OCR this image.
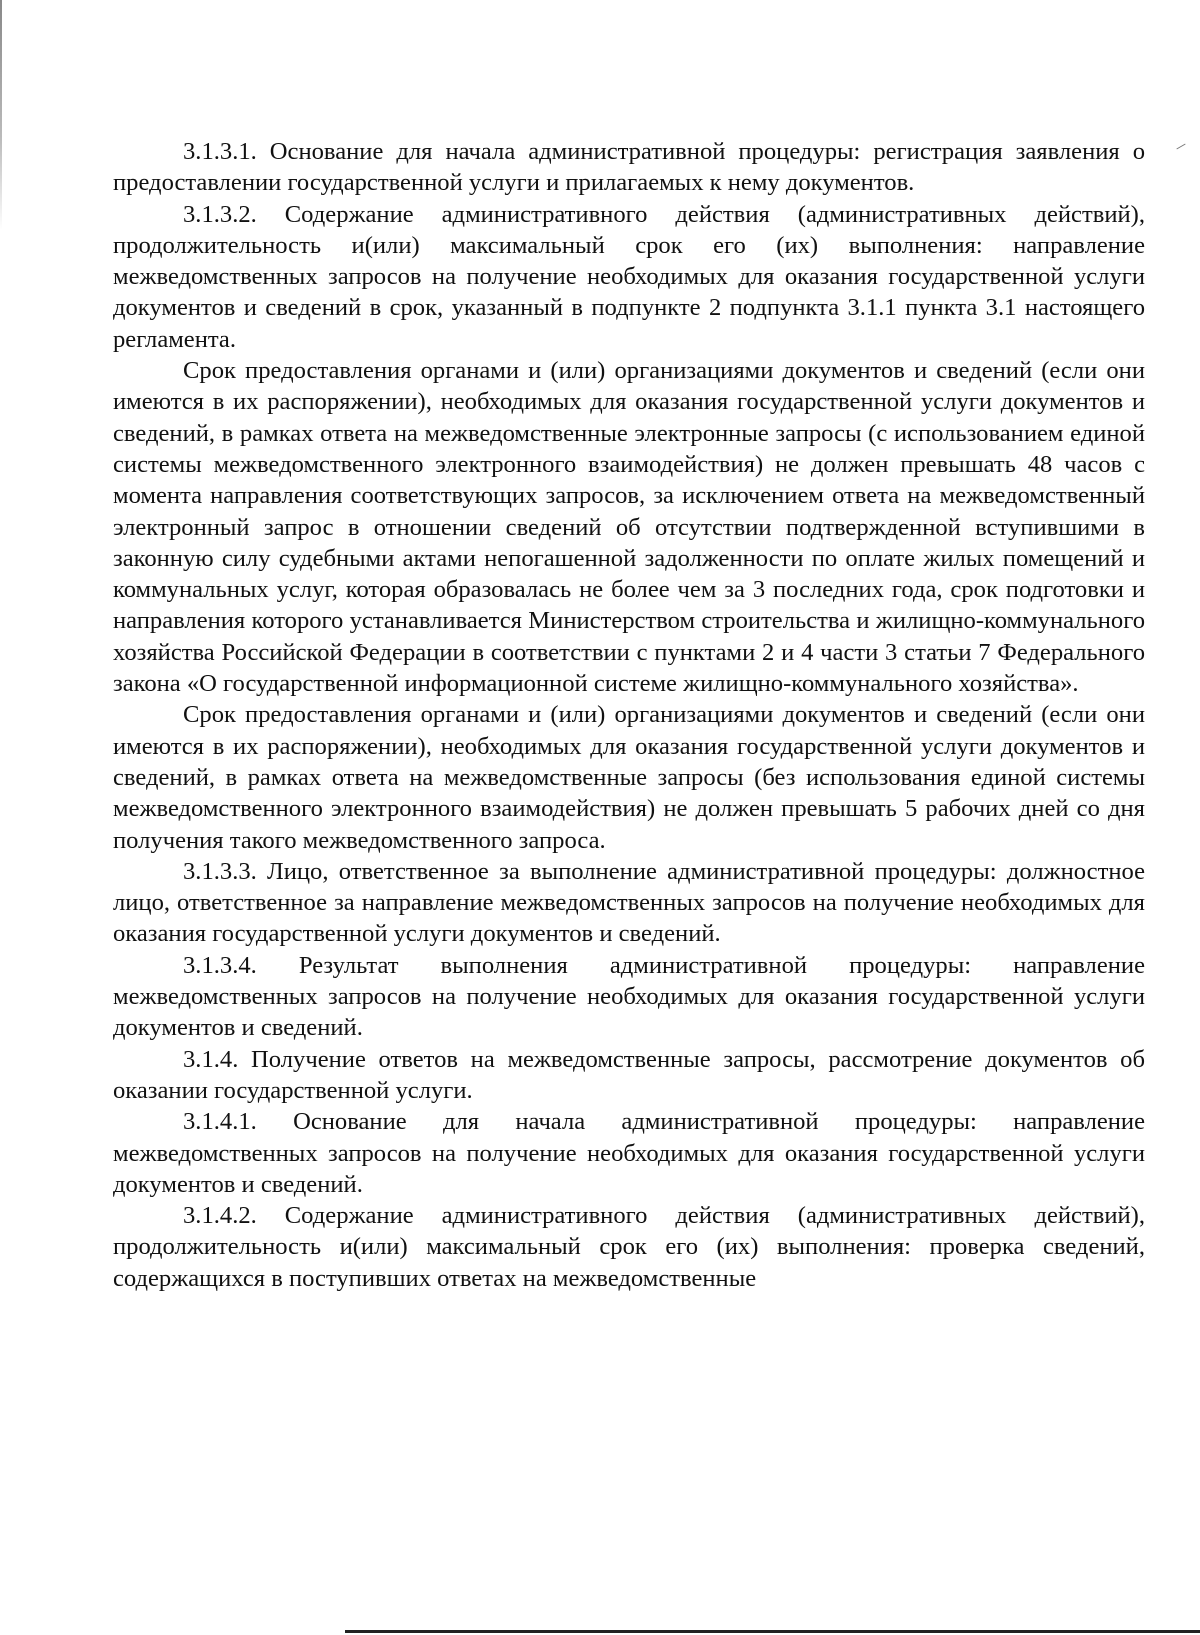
3.1.3.1. Основание для начала административной процедуры: регистрация заявления о предоставлении государственной услуги и прилагаемых к нему документов.

3.1.3.2. Содержание административного действия (административных действий), продолжительность и(или) максимальный срок его (их) выполнения: направление межведомственных запросов на получение необходимых для оказания государственной услуги документов и сведений в срок, указанный в подпункте 2 подпункта 3.1.1 пункта 3.1 настоящего регламента.

Срок предоставления органами и (или) организациями документов и сведений (если они имеются в их распоряжении), необходимых для оказания государственной услуги документов и сведений, в рамках ответа на межведомственные электронные запросы (с использованием единой системы межведомственного электронного взаимодействия) не должен превышать 48 часов с момента направления соответствующих запросов, за исключением ответа на межведомственный электронный запрос в отношении сведений об отсутствии подтвержденной вступившими в законную силу судебными актами непогашенной задолженности по оплате жилых помещений и коммунальных услуг, которая образовалась не более чем за 3 последних года, срок подготовки и направления которого устанавливается Министерством строительства и жилищно-коммунального хозяйства Российской Федерации в соответствии с пунктами 2 и 4 части 3 статьи 7 Федерального закона «О государственной информационной системе жилищно-коммунального хозяйства».

Срок предоставления органами и (или) организациями документов и сведений (если они имеются в их распоряжении), необходимых для оказания государственной услуги документов и сведений, в рамках ответа на межведомственные запросы (без использования единой системы межведомственного электронного взаимодействия) не должен превышать 5 рабочих дней со дня получения такого межведомственного запроса.

3.1.3.3. Лицо, ответственное за выполнение административной процедуры: должностное лицо, ответственное за направление межведомственных запросов на получение необходимых для оказания государственной услуги документов и сведений.

3.1.3.4. Результат выполнения административной процедуры: направление межведомственных запросов на получение необходимых для оказания государственной услуги документов и сведений.

3.1.4. Получение ответов на межведомственные запросы, рассмотрение документов об оказании государственной услуги.

3.1.4.1. Основание для начала административной процедуры: направление межведомственных запросов на получение необходимых для оказания государственной услуги документов и сведений.

3.1.4.2. Содержание административного действия (административных действий), продолжительность и(или) максимальный срок его (их) выполнения: проверка сведений, содержащихся в поступивших ответах на межведомственные
